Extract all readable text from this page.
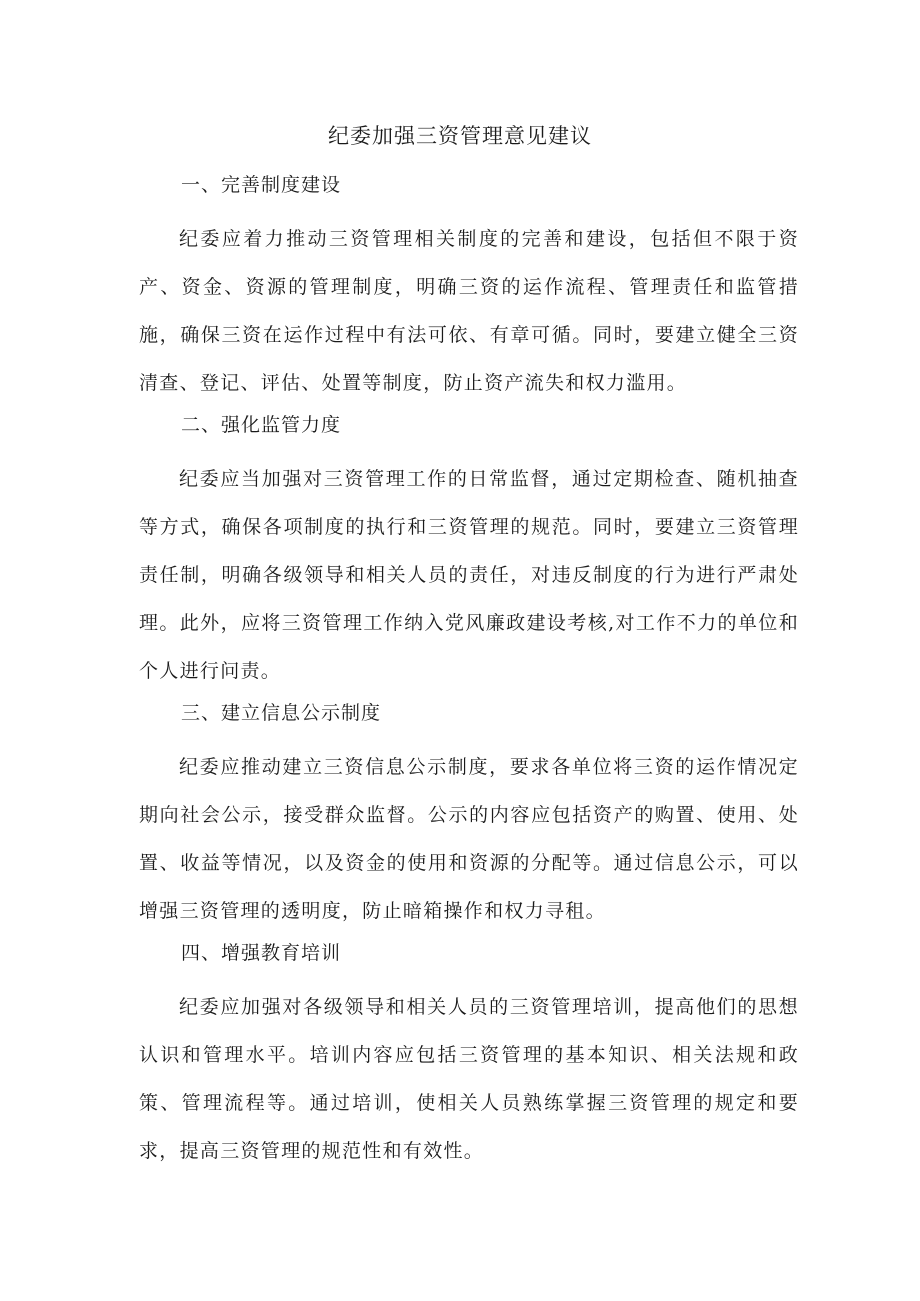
纪委加强三资管理意见建议
一、完善制度建设

纪委应着力推动三资管理相关制度的完善和建设，包括但不限于资产、资金、资源的管理制度，明确三资的运作流程、管理责任和监管措施，确保三资在运作过程中有法可依、有章可循。同时，要建立健全三资清查、登记、评估、处置等制度，防止资产流失和权力滥用。

二、强化监管力度

纪委应当加强对三资管理工作的日常监督，通过定期检查、随机抽查等方式，确保各项制度的执行和三资管理的规范。同时，要建立三资管理责任制，明确各级领导和相关人员的责任，对违反制度的行为进行严肃处理。此外，应将三资管理工作纳入党风廉政建设考核,对工作不力的单位和个人进行问责。

三、建立信息公示制度

纪委应推动建立三资信息公示制度，要求各单位将三资的运作情况定期向社会公示，接受群众监督。公示的内容应包括资产的购置、使用、处置、收益等情况，以及资金的使用和资源的分配等。通过信息公示，可以增强三资管理的透明度，防止暗箱操作和权力寻租。

四、增强教育培训

纪委应加强对各级领导和相关人员的三资管理培训，提高他们的思想认识和管理水平。培训内容应包括三资管理的基本知识、相关法规和政策、管理流程等。通过培训，使相关人员熟练掌握三资管理的规定和要求，提高三资管理的规范性和有效性。
